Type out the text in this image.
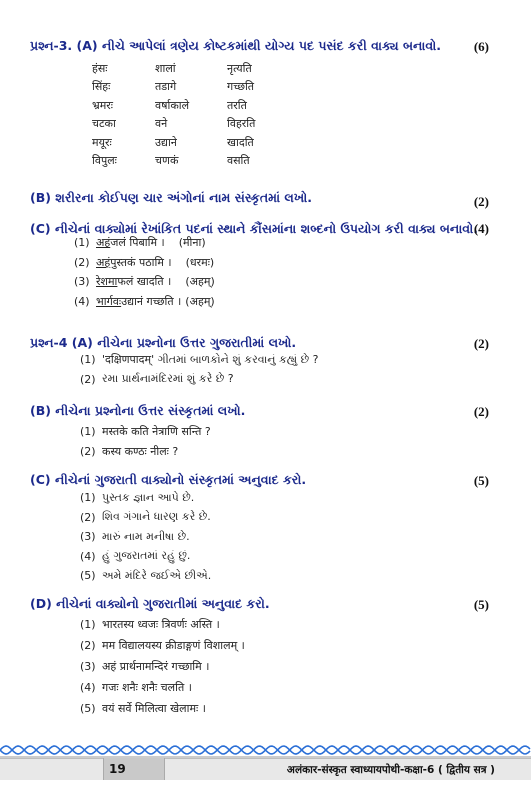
પ્રશ્ન-3. (A) નીચે આપેલાં ત્રણેય કોષ્ટકમાંથી યોગ્ય પદ પસંદ કરી વાક્ય બનાવો.	(6)
हंसः	शालां	नृत्यति
सिंहः	तडागे	गच्छति
भ्रमरः	वर्षाकाले	तरति
चटका	वने	विहरति
मयूरः	उद्याने	खादति
विपुलः	चणकं	वसति
(B) શરીરના કોઈપણ ચાર અંગોનાં નામ સંસ્કૃતમાં લખો.	(2)
(C) નીચેનાં વાક્યોમાં રેખાંકિત પદનાં સ્થાને કૌંસમાંના શબ્દનો ઉપયોગ કરી વાક્ય બનાવો.
(4)
(1) अहं जलं पिबामि । (मीना)
(2) अहं पुस्तकं पठामि । (धरमः)
(3) रेशमा फलं खादति । (अहम्)
(4) भार्गवः उद्यानं गच्छति । (अहम्)
પ્રશ્ન-4 (A) નીચેના પ્રશ્નોના ઉત્તર ગુજરાતીમાં લખો.	(2)
(1) 'दक्षिणपादम्' ગીતમાં બાળકોને શું કરવાનું કહ્યું છે ?
(2) રમા પ્રાર્થનામંદિરમાં શું કરે છે ?
(B) નીચેના પ્રશ્નોના ઉત્તર સંસ્કૃતમાં લખો.	(2)
(1) मस्तके कति नेत्राणि सन्ति ?
(2) कस्य कण्ठः नीलः ?
(C) નીચેનાં ગુજરાતી વાક્યોનો સંસ્કૃતમાં અનુવાદ કરો.	(5)
(1) પુસ્તક જ્ઞાન આપે છે.
(2) શિવ ગંગાને ધારણ કરે છે.
(3) મારું નામ મનીષા છે.
(4) હું ગુજરાતમાં રહું છું.
(5) અમે મંદિરે જઈએ છીએ.
(D) નીચેનાં વાક્યોનો ગુજરાતીમાં અનુવાદ કરો.	(5)
(1) भारतस्य ध्वजः त्रिवर्णः अस्ति ।
(2) मम विद्यालयस्य क्रीडाङ्गणं विशालम् ।
(3) अहं प्रार्थनामन्दिरं गच्छामि ।
(4) गजः शनैः शनैः चलति ।
(5) वयं सर्वे मिलित्वा खेलामः ।
19	अलंकार-संस्कृत स्वाध्यायपोथी-कक्षा-6 ( द्वितीय सत्र )
